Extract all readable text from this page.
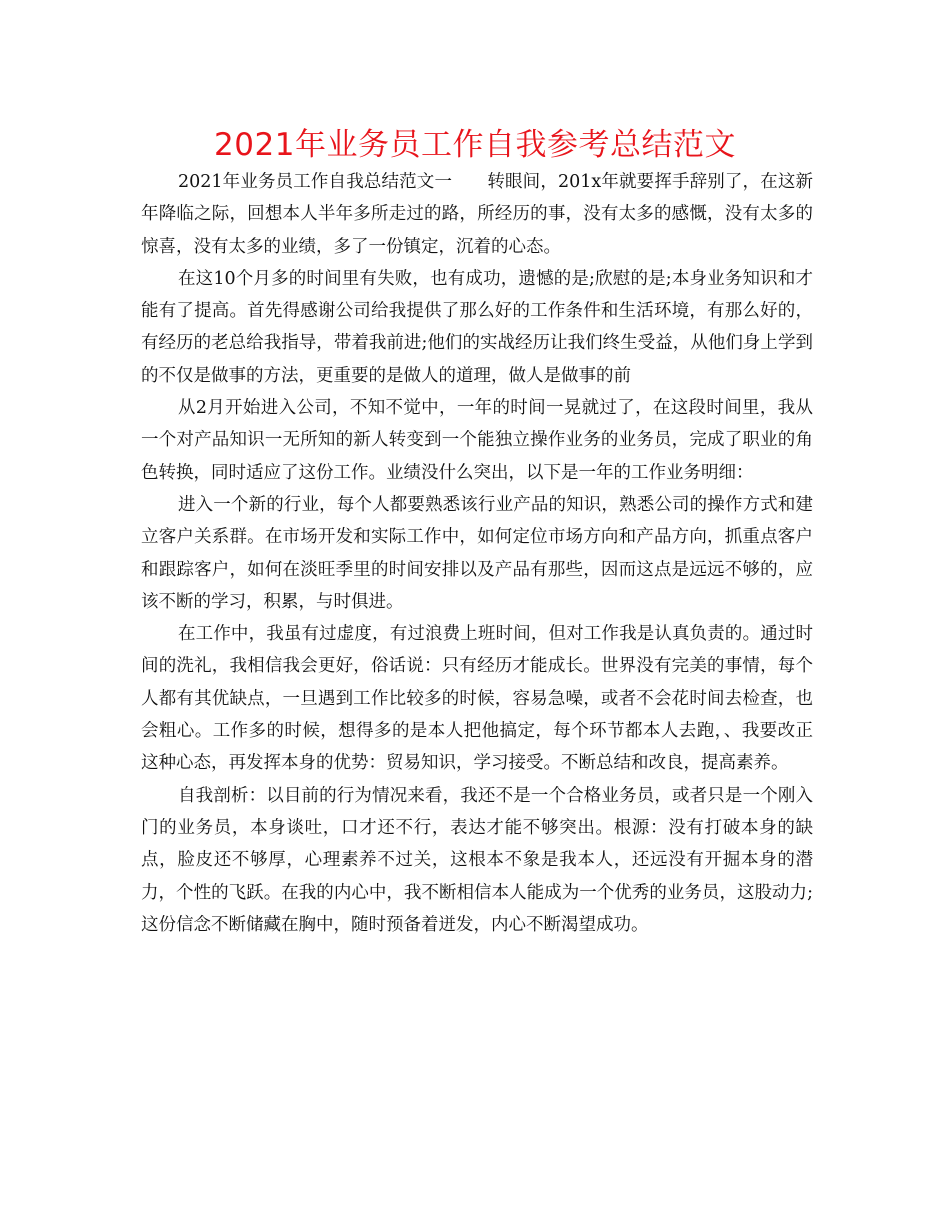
2021年业务员工作自我参考总结范文

2021年业务员工作自我总结范文一　　转眼间，201x年就要挥手辞别了，在这新年降临之际，回想本人半年多所走过的路，所经历的事，没有太多的感慨，没有太多的惊喜，没有太多的业绩，多了一份镇定，沉着的心态。

在这10个月多的时间里有失败，也有成功，遗憾的是;欣慰的是;本身业务知识和才能有了提高。首先得感谢公司给我提供了那么好的工作条件和生活环境，有那么好的，有经历的老总给我指导，带着我前进;他们的实战经历让我们终生受益，从他们身上学到的不仅是做事的方法，更重要的是做人的道理，做人是做事的前

从2月开始进入公司，不知不觉中，一年的时间一晃就过了，在这段时间里，我从一个对产品知识一无所知的新人转变到一个能独立操作业务的业务员，完成了职业的角色转换，同时适应了这份工作。业绩没什么突出，以下是一年的工作业务明细：

进入一个新的行业，每个人都要熟悉该行业产品的知识，熟悉公司的操作方式和建立客户关系群。在市场开发和实际工作中，如何定位市场方向和产品方向，抓重点客户和跟踪客户，如何在淡旺季里的时间安排以及产品有那些，因而这点是远远不够的，应该不断的学习，积累，与时俱进。

在工作中，我虽有过虚度，有过浪费上班时间，但对工作我是认真负责的。通过时间的洗礼，我相信我会更好，俗话说：只有经历才能成长。世界没有完美的事情，每个人都有其优缺点，一旦遇到工作比较多的时候，容易急噪，或者不会花时间去检查，也会粗心。工作多的时候，想得多的是本人把他搞定，每个环节都本人去跑，、我要改正这种心态，再发挥本身的优势：贸易知识，学习接受。不断总结和改良，提高素养。

自我剖析：以目前的行为情况来看，我还不是一个合格业务员，或者只是一个刚入门的业务员，本身谈吐，口才还不行，表达才能不够突出。根源：没有打破本身的缺点，脸皮还不够厚，心理素养不过关，这根本不象是我本人，还远没有开掘本身的潜力，个性的飞跃。在我的内心中，我不断相信本人能成为一个优秀的业务员，这股动力;这份信念不断储藏在胸中，随时预备着迸发，内心不断渴望成功。
